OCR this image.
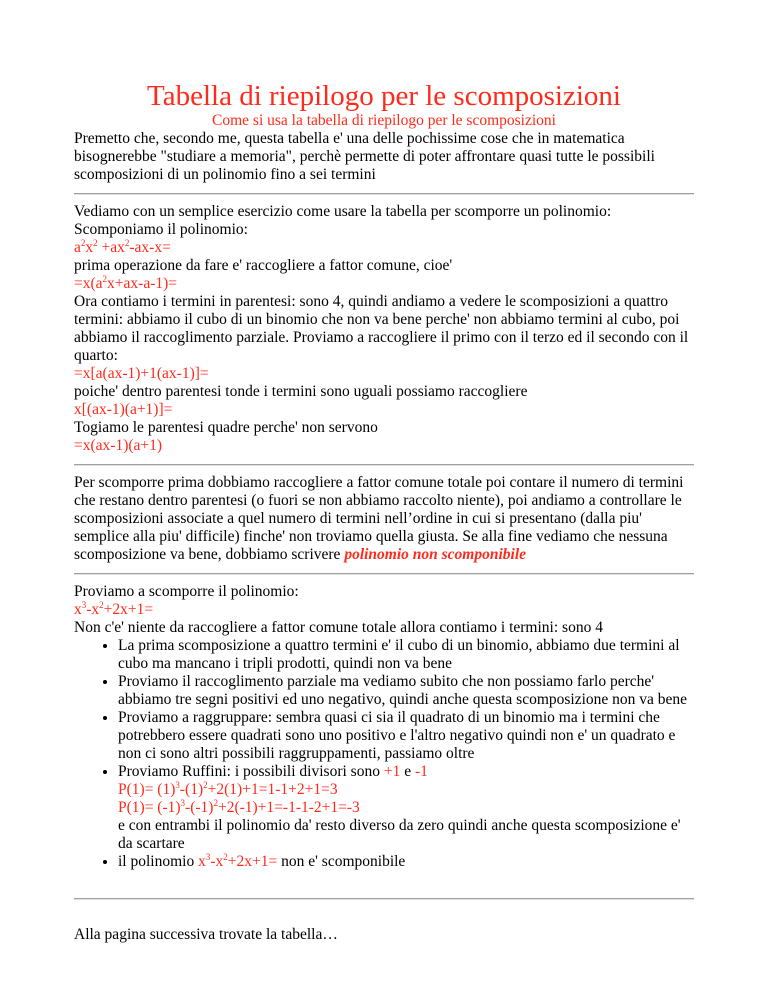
Tabella di riepilogo per le scomposizioni

Come si usa la tabella di riepilogo per le scomposizioni

Premetto che, secondo me, questa tabella e' una delle pochissime cose che in matematica bisognerebbe "studiare a memoria", perchè permette di poter affrontare quasi tutte le possibili scomposizioni di un polinomio fino a sei termini

Vediamo con un semplice esercizio come usare la tabella per scomporre un polinomio:

Scomponiamo il polinomio:

$a^2x^2 +ax^2-ax-x=$

prima operazione da fare e' raccogliere a fattor comune, cioe'

$=x(a^2x+ax-a-1)=$

Ora contiamo i termini in parentesi: sono 4, quindi andiamo a vedere le scomposizioni a quattro termini: abbiamo il cubo di un binomio che non va bene perche' non abbiamo termini al cubo, poi abbiamo il raccoglimento parziale. Proviamo a raccogliere il primo con il terzo ed il secondo con il quarto:

=x[a(ax-1)+1(ax-1)]=

poiche' dentro parentesi tonde i termini sono uguali possiamo raccogliere

x[(ax-1)(a+1)]=

Togiamo le parentesi quadre perche' non servono

=x(ax-1)(a+1)

Per scomporre prima dobbiamo raccogliere a fattor comune totale poi contare il numero di termini che restano dentro parentesi (o fuori se non abbiamo raccolto niente), poi andiamo a controllare le scomposizioni associate a quel numero di termini nell’ordine in cui si presentano (dalla piu' semplice alla piu' difficile) finche' non troviamo quella giusta. Se alla fine vediamo che nessuna scomposizione va bene, dobbiamo scrivere polinomio non scomponibile

Proviamo a scomporre il polinomio:

$x^3-x^2+2x+1=$

Non c'e' niente da raccogliere a fattor comune totale allora contiamo i termini: sono 4

• La prima scomposizione a quattro termini e' il cubo di un binomio, abbiamo due termini al cubo ma mancano i tripli prodotti, quindi non va bene
• Proviamo il raccoglimento parziale ma vediamo subito che non possiamo farlo perche' abbiamo tre segni positivi ed uno negativo, quindi anche questa scomposizione non va bene
• Proviamo a raggruppare: sembra quasi ci sia il quadrato di un binomio ma i termini che potrebbero essere quadrati sono uno positivo e l'altro negativo quindi non e' un quadrato e non ci sono altri possibili raggruppamenti, passiamo oltre
• Proviamo Ruffini: i possibili divisori sono +1 e -1
$P(1)= (1)^3-(1)^2+2(1)+1=1-1+2+1=3$
$P(1)= (-1)^3-(-1)^2+2(-1)+1=-1-1-2+1=-3$
e con entrambi il polinomio da' resto diverso da zero quindi anche questa scomposizione e' da scartare
• il polinomio $x^3-x^2+2x+1=$ non e' scomponibile

Alla pagina successiva trovate la tabella…
